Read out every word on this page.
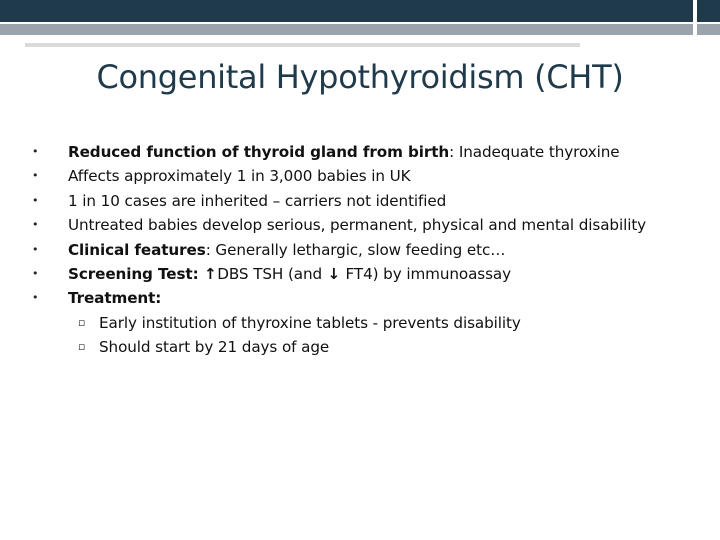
Congenital Hypothyroidism (CHT)
• Reduced function of thyroid gland from birth: Inadequate thyroxine
• Affects approximately 1 in 3,000 babies in UK
• 1 in 10 cases are inherited – carriers not identified
• Untreated babies develop serious, permanent, physical and mental disability
• Clinical features: Generally lethargic, slow feeding etc…
• Screening Test: ↑DBS TSH (and ↓ FT4) by immunoassay
• Treatment:
▫ Early institution of thyroxine tablets - prevents disability
▫ Should start by 21 days of age
